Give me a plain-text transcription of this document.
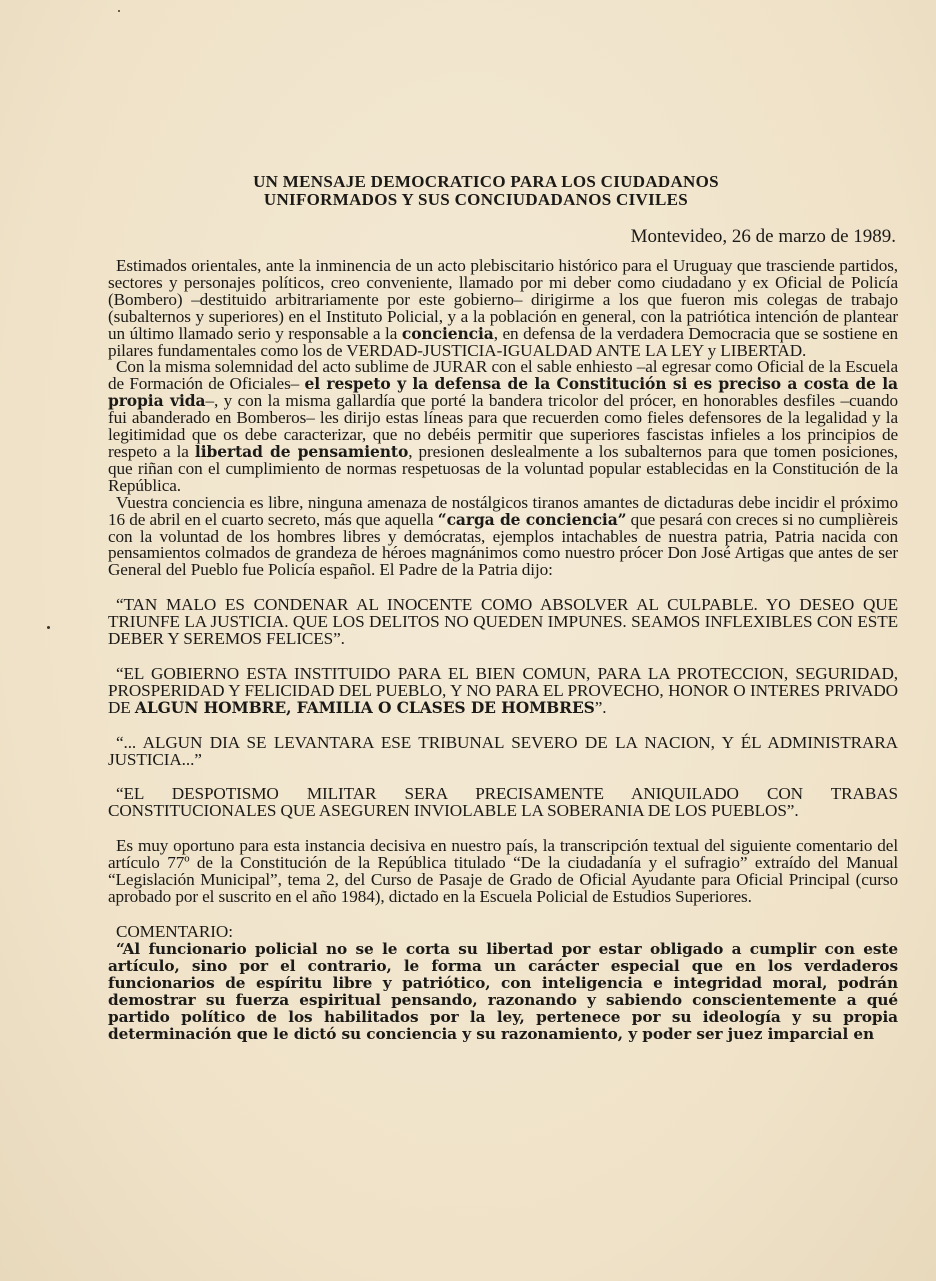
UN MENSAJE DEMOCRATICO PARA LOS CIUDADANOS
UNIFORMADOS Y SUS CONCIUDADANOS CIVILES
Montevideo, 26 de marzo de 1989.

Estimados orientales, ante la inminencia de un acto plebiscitario histórico para el Uruguay que trasciende partidos, sectores y personajes políticos, creo conveniente, llamado por mi deber como ciudadano y ex Oficial de Policía (Bombero) –destituido arbitrariamente por este gobierno– dirigirme a los que fueron mis colegas de trabajo (subalternos y superiores) en el Instituto Policial, y a la población en general, con la patriótica intención de plantear un último llamado serio y responsable a la conciencia, en defensa de la verdadera Democracia que se sostiene en pilares fundamentales como los de VERDAD-JUSTICIA-IGUALDAD ANTE LA LEY y LIBERTAD.

Con la misma solemnidad del acto sublime de JURAR con el sable enhiesto –al egresar como Oficial de la Escuela de Formación de Oficiales– el respeto y la defensa de la Constitución si es preciso a costa de la propia vida–, y con la misma gallardía que porté la bandera tricolor del prócer, en honorables desfiles –cuando fui abanderado en Bomberos– les dirijo estas líneas para que recuerden como fieles defensores de la legalidad y la legitimidad que os debe caracterizar, que no debéis permitir que superiores fascistas infieles a los principios de respeto a la libertad de pensamiento, presionen deslealmente a los subalternos para que tomen posiciones, que riñan con el cumplimiento de normas respetuosas de la voluntad popular establecidas en la Constitución de la República.

Vuestra conciencia es libre, ninguna amenaza de nostálgicos tiranos amantes de dictaduras debe incidir el próximo 16 de abril en el cuarto secreto, más que aquella “carga de conciencia” que pesará con creces si no cumplièreis con la voluntad de los hombres libres y demócratas, ejemplos intachables de nuestra patria, Patria nacida con pensamientos colmados de grandeza de héroes magnánimos como nuestro prócer Don José Artigas que antes de ser General del Pueblo fue Policía español. El Padre de la Patria dijo:

“TAN MALO ES CONDENAR AL INOCENTE COMO ABSOLVER AL CULPABLE. YO DESEO QUE TRIUNFE LA JUSTICIA. QUE LOS DELITOS NO QUEDEN IMPUNES. SEAMOS INFLEXIBLES CON ESTE DEBER Y SEREMOS FELICES”.

“EL GOBIERNO ESTA INSTITUIDO PARA EL BIEN COMUN, PARA LA PROTECCION, SEGURIDAD, PROSPERIDAD Y FELICIDAD DEL PUEBLO, Y NO PARA EL PROVECHO, HONOR O INTERES PRIVADO DE ALGUN HOMBRE, FAMILIA O CLASES DE HOMBRES”.

“... ALGUN DIA SE LEVANTARA ESE TRIBUNAL SEVERO DE LA NACION, Y ÉL ADMINISTRARA JUSTICIA...”

“EL DESPOTISMO MILITAR SERA PRECISAMENTE ANIQUILADO CON TRABAS CONSTITUCIONALES QUE ASEGUREN INVIOLABLE LA SOBERANIA DE LOS PUEBLOS”.

Es muy oportuno para esta instancia decisiva en nuestro país, la transcripción textual del siguiente comentario del artículo 77º de la Constitución de la República titulado “De la ciudadanía y el sufragio” extraído del Manual “Legislación Municipal”, tema 2, del Curso de Pasaje de Grado de Oficial Ayudante para Oficial Principal (curso aprobado por el suscrito en el año 1984), dictado en la Escuela Policial de Estudios Superiores.

COMENTARIO:

“Al funcionario policial no se le corta su libertad por estar obligado a cumplir con este artículo, sino por el contrario, le forma un carácter especial que en los verdaderos funcionarios de espíritu libre y patriótico, con inteligencia e integridad moral, podrán demostrar su fuerza espiritual pensando, razonando y sabiendo conscientemente a qué partido político de los habilitados por la ley, pertenece por su ideología y su propia determinación que le dictó su conciencia y su razonamiento, y poder ser juez imparcial en
